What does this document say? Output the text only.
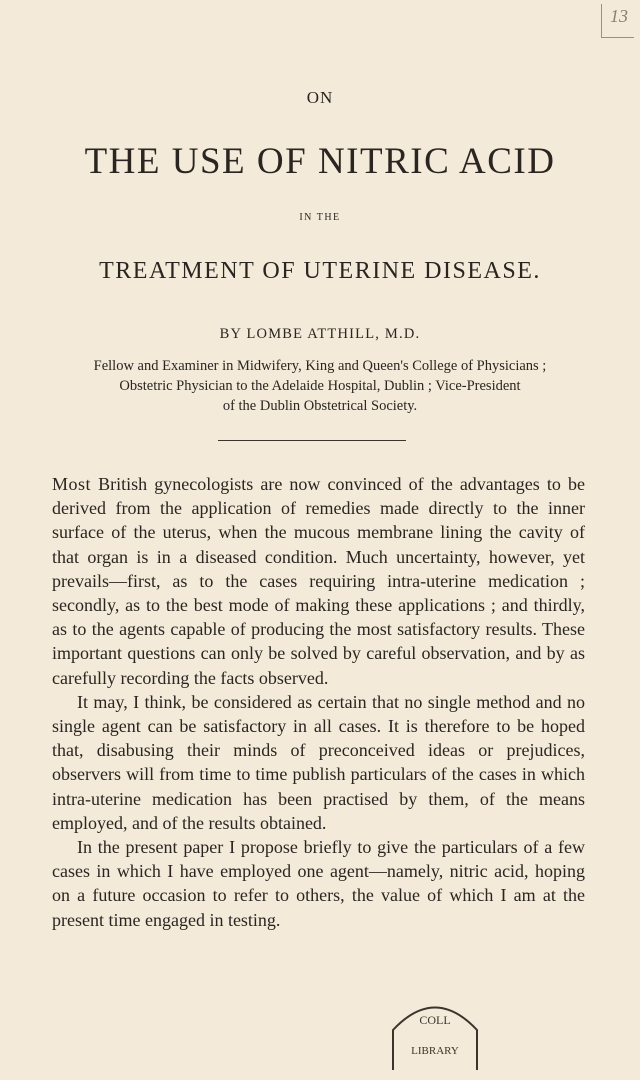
13
ON
THE USE OF NITRIC ACID
IN THE
TREATMENT OF UTERINE DISEASE.
BY LOMBE ATTHILL, M.D.
Fellow and Examiner in Midwifery, King and Queen's College of Physicians ;
Obstetric Physician to the Adelaide Hospital, Dublin ; Vice-President
of the Dublin Obstetrical Society.

Most British gynecologists are now convinced of the advantages to be derived from the application of remedies made directly to the inner surface of the uterus, when the mucous membrane lining the cavity of that organ is in a diseased condition. Much uncertainty, however, yet prevails—first, as to the cases requiring intra-uterine medication ; secondly, as to the best mode of making these applications ; and thirdly, as to the agents capable of producing the most satisfactory results. These important questions can only be solved by careful observation, and by as carefully recording the facts observed.

It may, I think, be considered as certain that no single method and no single agent can be satisfactory in all cases. It is therefore to be hoped that, disabusing their minds of preconceived ideas or prejudices, observers will from time to time publish particulars of the cases in which intra-uterine medication has been practised by them, of the means employed, and of the results obtained.

In the present paper I propose briefly to give the particulars of a few cases in which I have employed one agent—namely, nitric acid, hoping on a future occasion to refer to others, the value of which I am at the present time engaged in testing.

COLL
LIBRARY
